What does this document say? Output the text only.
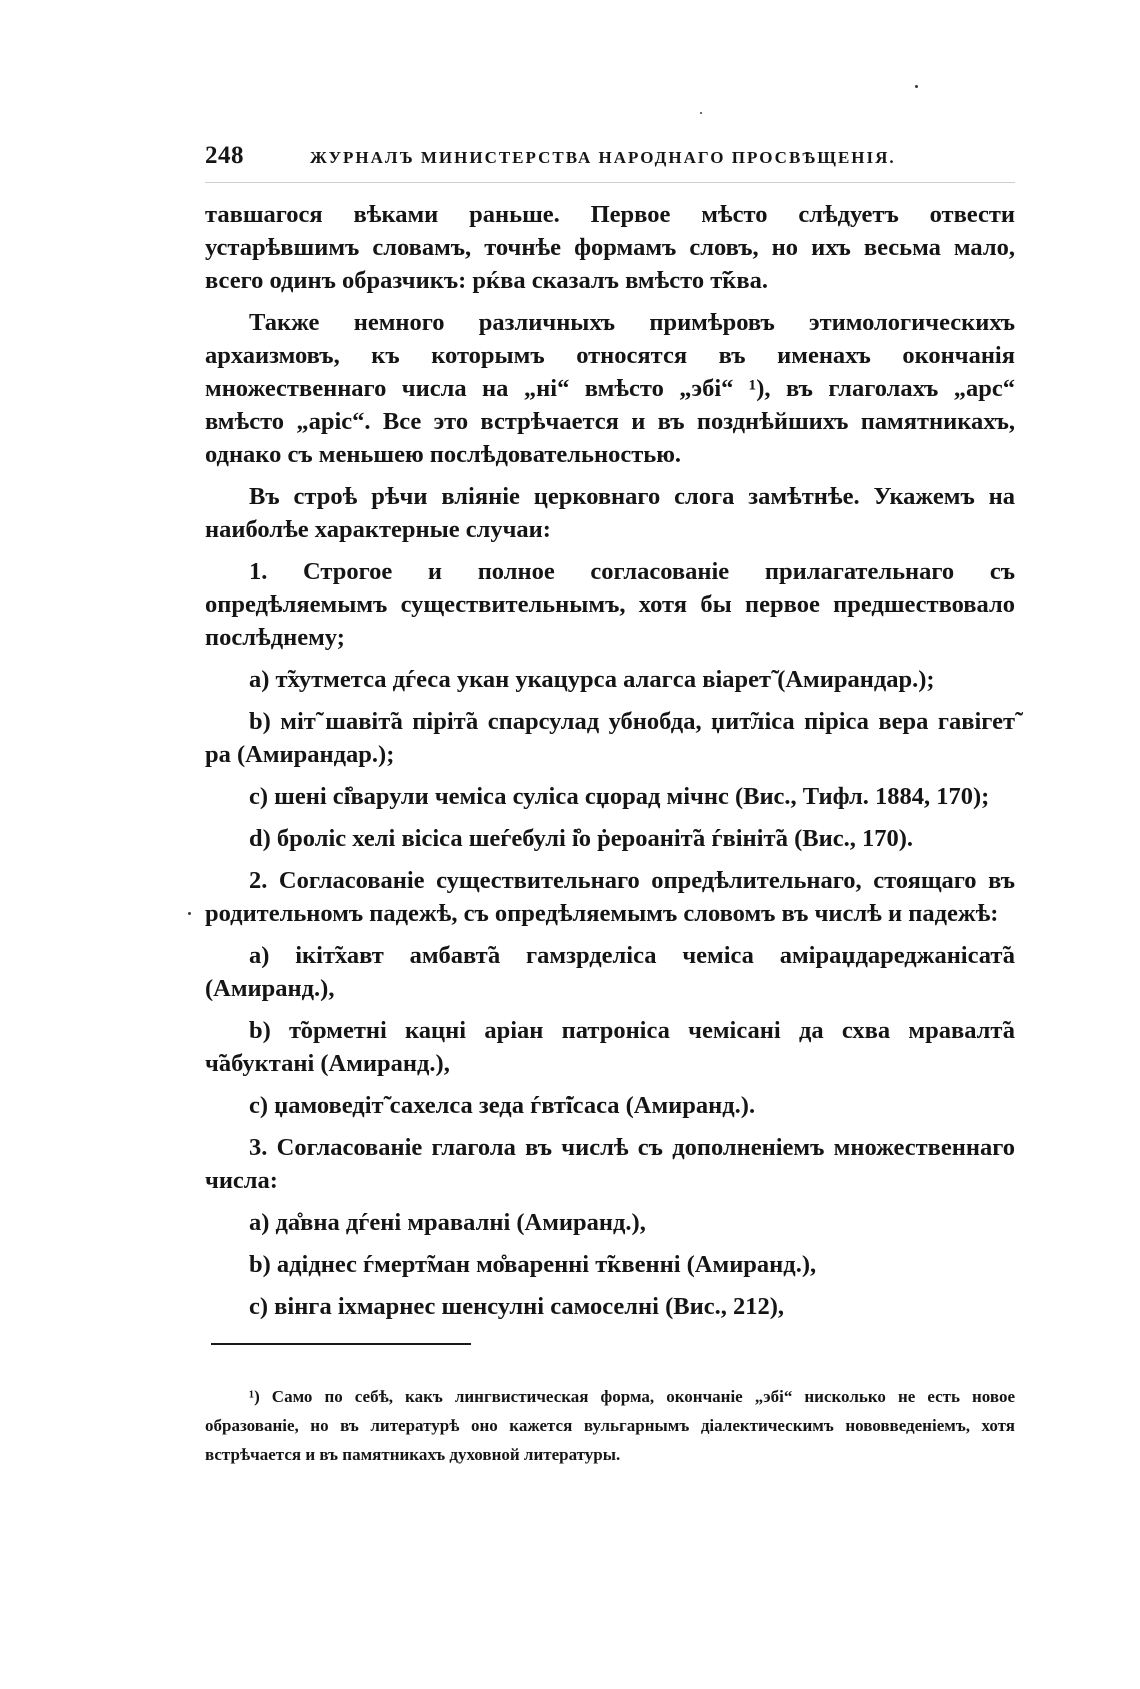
248	ЖУРНАЛЪ МИНИСТЕРСТВА НАРОДНАГО ПРОСВѢЩЕНІЯ.

тавшагося вѣками раньше. Первое мѣсто слѣдуетъ отвести устарѣвшимъ словамъ, точнѣе формамъ словъ, но ихъ весьма мало, всего одинъ образчикъ: рќва сказалъ вмѣсто т̃ќва.

Также немного различныхъ примѣровъ этимологическихъ архаизмовъ, къ которымъ относятся въ именахъ окончанія множественнаго числа на „ні“ вмѣсто „эбі“ ¹), въ глаголахъ „арс“ вмѣсто „аріс“. Все это встрѣчается и въ позднѣйшихъ памятникахъ, однако съ меньшею послѣдовательностью.

Въ строѣ рѣчи вліяніе церковнаго слога замѣтнѣе. Укажемъ на наиболѣе характерные случаи:

1. Строгое и полное согласованіе прилагательнаго съ опредѣляемымъ существительнымъ, хотя бы первое предшествовало послѣднему;

a) т̃хутметса дѓеса укан укацурса алагса віарет̃ (Амирандар.);

b) міт̃ шавіт̃а пірiт̃а спарсулад убнобда, џит̃ліса піріса вера гавігет̃ ра (Амирандар.);

c) шені сі̊варули чеміса суліса сџорад мічнс (Вис., Тифл. 1884, 170);

d) броліс хелі вісіса шеѓебулі і̊о ṗероаніт̃а ѓвініт̃а (Вис., 170).

2. Согласованіе существительнаго опредѣлительнаго, стоящаго въ родительномъ падежѣ, съ опредѣляемымъ словомъ въ числѣ и падежѣ:

a) ікіт̃хавт амбавт̃а гамзрделіса чеміса аміраџдареджанісат̃а (Амиранд.),

b) т̃орметні кацні аріан патроніса чемісані да схва мравалт̃а ч̃абуктані (Амиранд.),

c) џамоведіт̃ сахелса зеда ѓвт̃ісаса (Амиранд.).

3. Согласованіе глагола въ числѣ съ дополненіемъ множественнаго числа:

a) да̊вна дѓені мравалні (Амиранд.),

b) адіднес ѓмерт̃ман мо̊варенні т̃квенні (Амиранд.),

c) вінга іхмарнес шенсулні самоселні (Вис., 212),

¹) Само по себѣ, какъ лингвистическая форма, окончаніе „эбі“ нисколько не есть новое образованіе, но въ литературѣ оно кажется вульгарнымъ діалектическимъ нововведеніемъ, хотя встрѣчается и въ памятникахъ духовной литературы.
